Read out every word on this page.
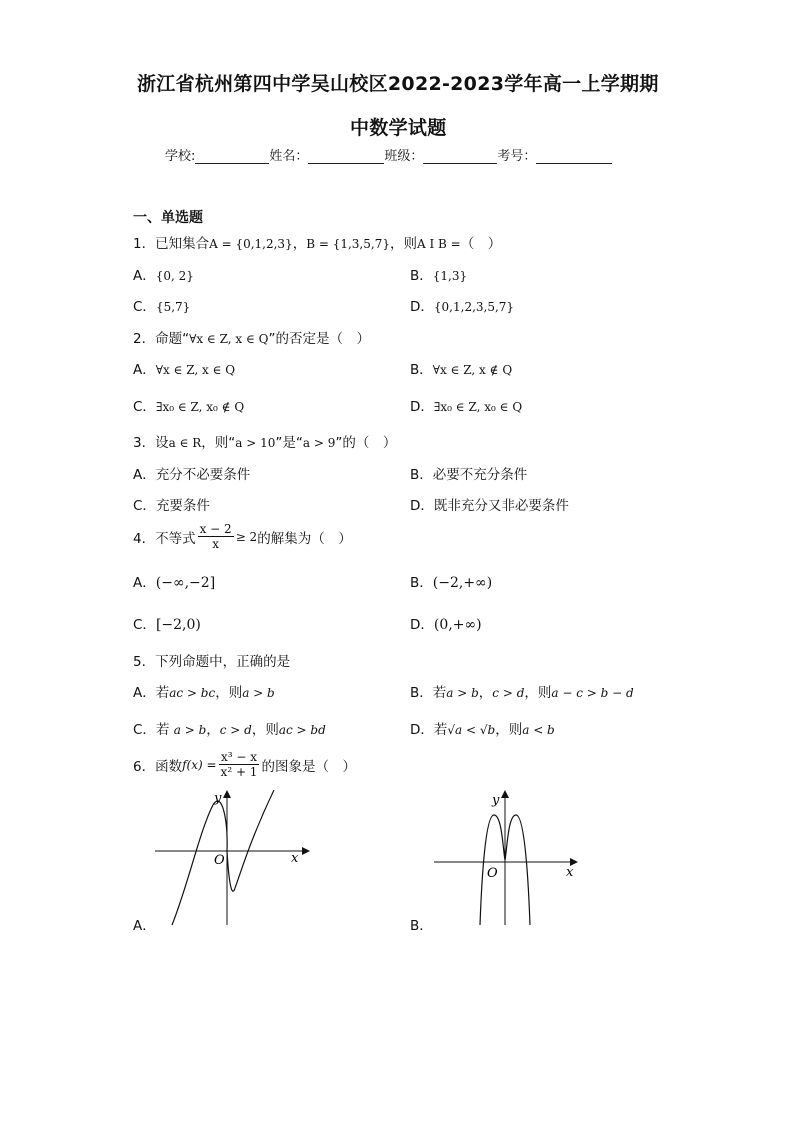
浙江省杭州第四中学吴山校区2022-2023学年高一上学期期
中数学试题
学校:	姓名：	班级：	考号：
一、单选题
1．已知集合A = {0,1,2,3}，B = {1,3,5,7}，则A I B =（　）
A．{0, 2}	B．{1,3}
C．{5,7}	D．{0,1,2,3,5,7}
2．命题“∀x ∈ Z, x ∈ Q”的否定是（　）
A．∀x ∈ Z, x ∈ Q	B．∀x ∈ Z, x ∉ Q
C．∃x₀ ∈ Z, x₀ ∉ Q	D．∃x₀ ∈ Z, x₀ ∈ Q
3．设a ∈ R，则“a > 10”是“a > 9”的（　）
A．充分不必要条件	B．必要不充分条件
C．充要条件	D．既非充分又非必要条件
4．不等式 $\frac{x - 2}{x} \ge 2$ 的解集为（　）
A．(−∞,−2]	B．(−2,+∞)
C．[−2,0)	D．(0,+∞)
5．下列命题中，正确的是
A．若ac > bc，则a > b	B．若a > b，c > d，则a − c > b − d
C．若 a > b，c > d，则ac > bd	D．若√a < √b，则a < b
6．函数 $f(x) = \frac{\text{x³ − x}}{\text{x² + 1}}$ 的图象是（　）
x
y
O
A．
x
y
O
B．
